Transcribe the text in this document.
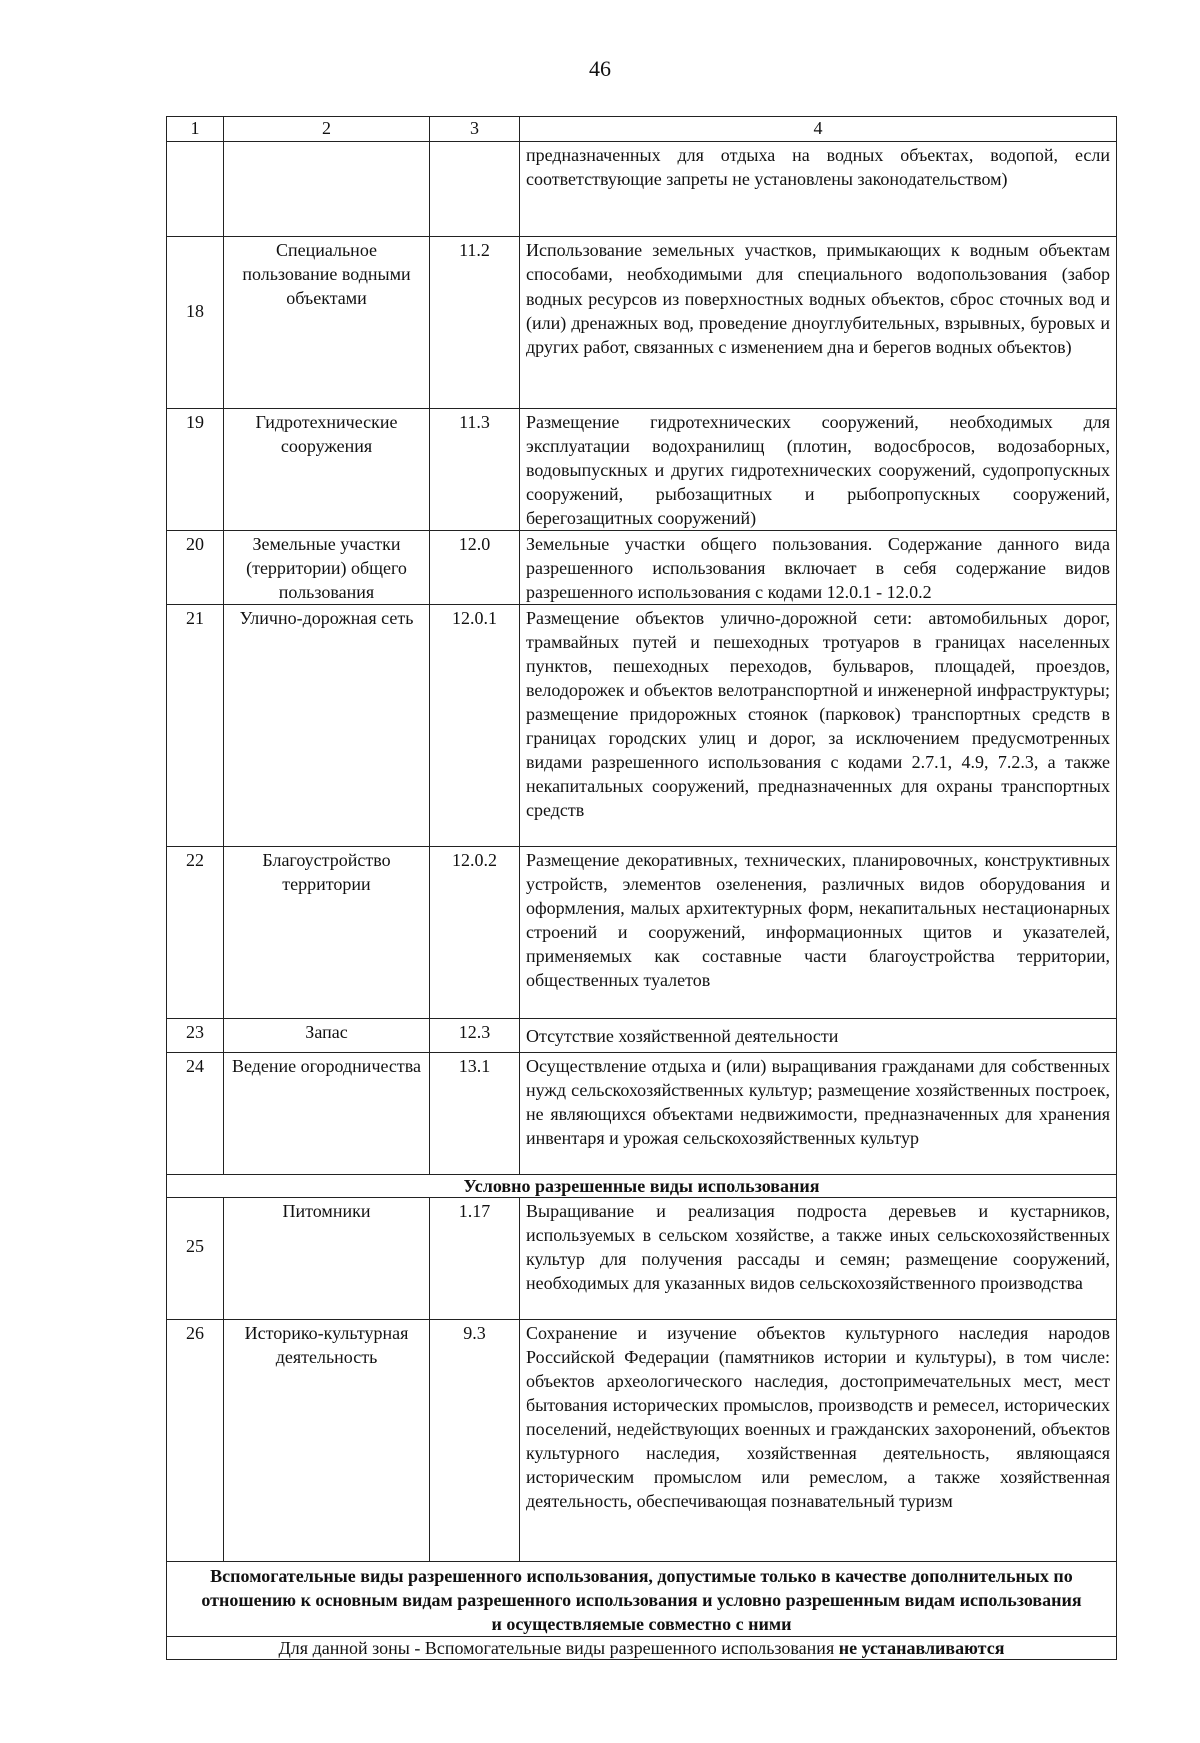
46
1	2	3	4
			предназначенных для отдыха на водных объектах, водопой, если соответствующие запреты не установлены законодательством)
18	Специальное пользование водными объектами	11.2	Использование земельных участков, примыкающих к водным объектам способами, необходимыми для специального водопользования (забор водных ресурсов из поверхностных водных объектов, сброс сточных вод и (или) дренажных вод, проведение дноуглубительных, взрывных, буровых и других работ, связанных с изменением дна и берегов водных объектов)
19	Гидротехнические сооружения	11.3	Размещение гидротехнических сооружений, необходимых для эксплуатации водохранилищ (плотин, водосбросов, водозаборных, водовыпускных и других гидротехнических сооружений, судопропускных сооружений, рыбозащитных и рыбопропускных сооружений, берегозащитных сооружений)
20	Земельные участки (территории) общего пользования	12.0	Земельные участки общего пользования. Содержание данного вида разрешенного использования включает в себя содержание видов разрешенного использования с кодами 12.0.1 - 12.0.2
21	Улично-дорожная сеть	12.0.1	Размещение объектов улично-дорожной сети: автомобильных дорог, трамвайных путей и пешеходных тротуаров в границах населенных пунктов, пешеходных переходов, бульваров, площадей, проездов, велодорожек и объектов велотранспортной и инженерной инфраструктуры; размещение придорожных стоянок (парковок) транспортных средств в границах городских улиц и дорог, за исключением предусмотренных видами разрешенного использования с кодами 2.7.1, 4.9, 7.2.3, а также некапитальных сооружений, предназначенных для охраны транспортных средств
22	Благоустройство территории	12.0.2	Размещение декоративных, технических, планировочных, конструктивных устройств, элементов озеленения, различных видов оборудования и оформления, малых архитектурных форм, некапитальных нестационарных строений и сооружений, информационных щитов и указателей, применяемых как составные части благоустройства территории, общественных туалетов
23	Запас	12.3	Отсутствие хозяйственной деятельности
24	Ведение огородничества	13.1	Осуществление отдыха и (или) выращивания гражданами для собственных нужд сельскохозяйственных культур; размещение хозяйственных построек, не являющихся объектами недвижимости, предназначенных для хранения инвентаря и урожая сельскохозяйственных культур
Условно разрешенные виды использования			
25	Питомники	1.17	Выращивание и реализация подроста деревьев и кустарников, используемых в сельском хозяйстве, а также иных сельскохозяйственных культур для получения рассады и семян; размещение сооружений, необходимых для указанных видов сельскохозяйственного производства
26	Историко-культурная деятельность	9.3	Сохранение и изучение объектов культурного наследия народов Российской Федерации (памятников истории и культуры), в том числе: объектов археологического наследия, достопримечательных мест, мест бытования исторических промыслов, производств и ремесел, исторических поселений, недействующих военных и гражданских захоронений, объектов культурного наследия, хозяйственная деятельность, являющаяся историческим промыслом или ремеслом, а также хозяйственная деятельность, обеспечивающая познавательный туризм
Вспомогательные виды разрешенного использования, допустимые только в качестве дополнительных по отношению к основным видам разрешенного использования и условно разрешенным видам использования и осуществляемые совместно с ними			
Для данной зоны - Вспомогательные виды разрешенного использования не устанавливаются			
